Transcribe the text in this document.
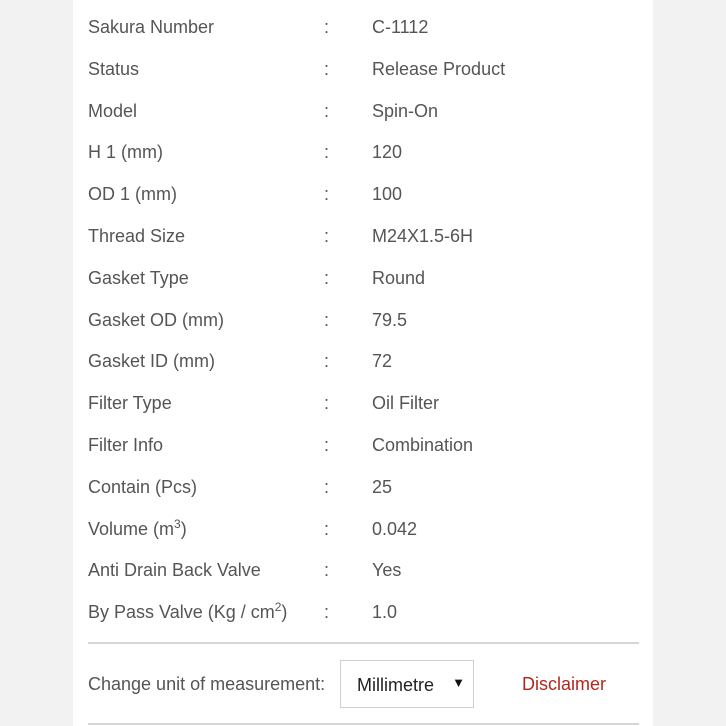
Sakura Number	: C-1112
Status	: Release Product
Model	: Spin-On
H 1 (mm)	: 120
OD 1 (mm)	: 100
Thread Size	: M24X1.5-6H
Gasket Type	: Round
Gasket OD (mm)	: 79.5
Gasket ID (mm)	: 72
Filter Type	: Oil Filter
Filter Info	: Combination
Contain (Pcs)	: 25
Volume $(m^3)$	: 0.042
Anti Drain Back Valve	: Yes
By Pass Valve $(Kg / cm^2)$ : 1.0
Change unit of measurement: Millimetre ▼	Disclaimer
